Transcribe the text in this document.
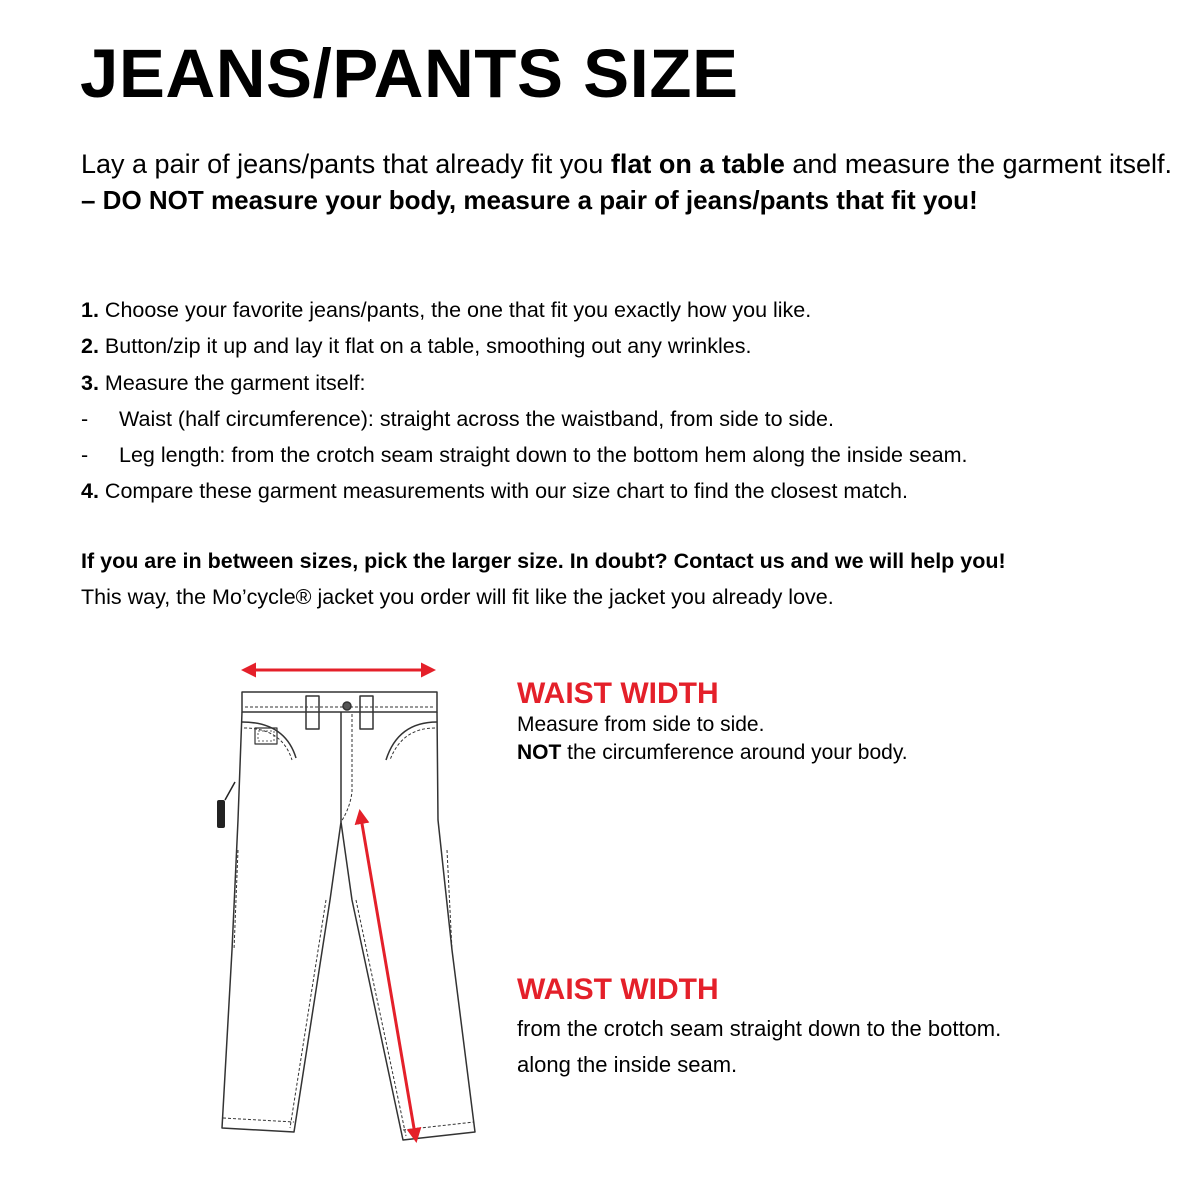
JEANS/PANTS SIZE
Lay a pair of jeans/pants that already fit you flat on a table and measure the garment itself.
– DO NOT measure your body, measure a pair of jeans/pants that fit you!
1. Choose your favorite jeans/pants, the one that fit you exactly how you like.
2. Button/zip it up and lay it flat on a table, smoothing out any wrinkles.
3. Measure the garment itself:
- Waist (half circumference): straight across the waistband, from side to side.
- Leg length: from the crotch seam straight down to the bottom hem along the inside seam.
4. Compare these garment measurements with our size chart to find the closest match.
If you are in between sizes, pick the larger size. In doubt? Contact us and we will help you!
This way, the Mo’cycle® jacket you order will fit like the jacket you already love.
WAIST WIDTH
Measure from side to side.
NOT the circumference around your body.
WAIST WIDTH
from the crotch seam straight down to the bottom.
along the inside seam.
